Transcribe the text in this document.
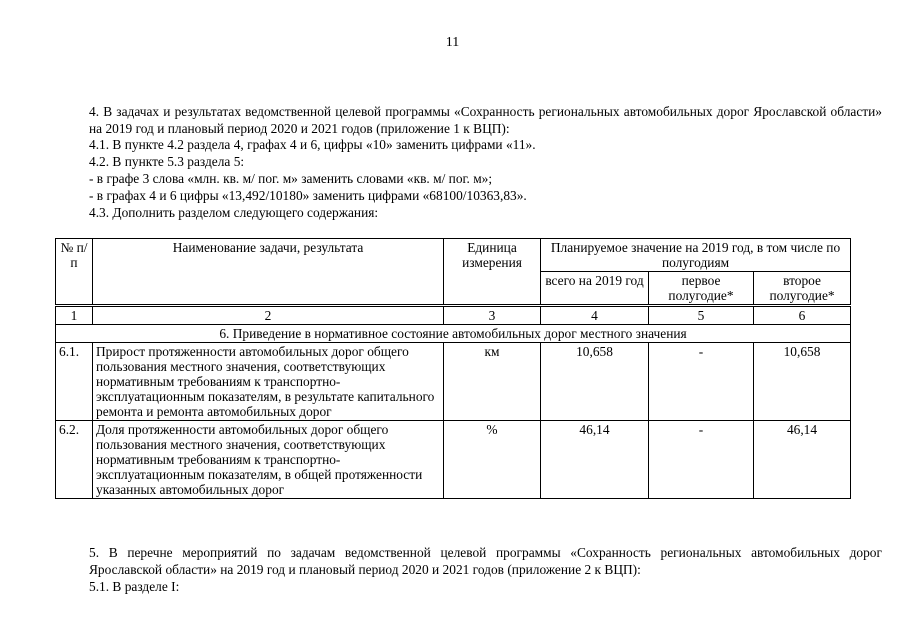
11
4. В задачах и результатах ведомственной целевой программы «Сохранность региональных автомобильных дорог Ярославской области» на 2019 год и плановый период 2020 и 2021 годов (приложение 1 к ВЦП):
4.1. В пункте 4.2 раздела 4, графах 4 и 6, цифры «10» заменить цифрами «11».
4.2. В пункте 5.3 раздела 5:
- в графе 3 слова «млн. кв. м/ пог. м» заменить словами «кв. м/ пог. м»;
- в графах 4 и 6 цифры «13,492/10180» заменить цифрами «68100/10363,83».
4.3. Дополнить разделом следующего содержания:
№ п/п	Наименование задачи, результата	Единица измерения	Планируемое значение на 2019 год, в том числе по полугодиям		
			всего на 2019 год	первое полугодие*	второе полугодие*
1	2	3	4	5	6
6. Приведение в нормативное состояние автомобильных дорог местного значения					
6.1.	Прирост протяженности автомобильных дорог общего пользования местного значения, соответствующих нормативным требованиям к транспортно-эксплуатационным показателям, в результате капитального ремонта и ремонта автомобильных дорог	км	10,658	-	10,658
6.2.	Доля протяженности автомобильных дорог общего пользования местного значения, соответствующих нормативным требованиям к транспортно-эксплуатационным показателям, в общей протяженности указанных автомобильных дорог	%	46,14	-	46,14
5. В перечне мероприятий по задачам ведомственной целевой программы «Сохранность региональных автомобильных дорог Ярославской области» на 2019 год и плановый период 2020 и 2021 годов (приложение 2 к ВЦП):
5.1. В разделе I:
